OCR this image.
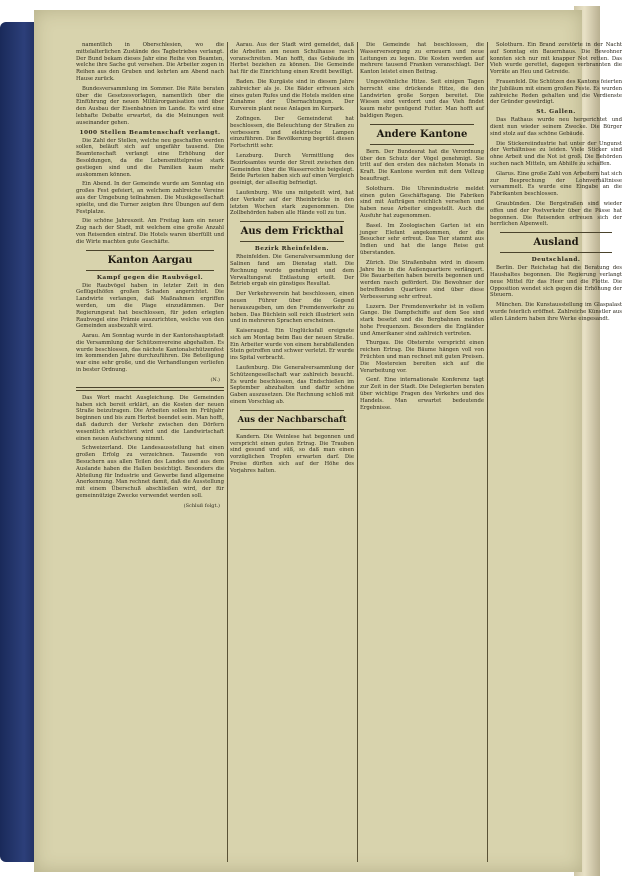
namentlich in Oberschlesien, wo die mittelalterlichen Zustände des Tagbetriebes verlangt. Der Bund bekam dieses Jahr eine Reihe von Beamten, welche ihre Sache gut versehen. Die Arbeiter zogen in Reihen aus den Gruben und kehrten am Abend nach Hause zurück.

Bundesversammlung im Sommer. Die Räte beraten über die Gesetzesvorlagen, namentlich über die Einführung der neuen Militärorganisation und über den Ausbau der Eisenbahnen im Lande. Es wird eine lebhafte Debatte erwartet, da die Meinungen weit auseinander gehen.

1000 Stellen Beamtenschaft verlangt.

Die Zahl der Stellen, welche neu geschaffen werden sollen, beläuft sich auf ungefähr tausend. Die Beamtenschaft verlangt eine Erhöhung der Besoldungen, da die Lebensmittelpreise stark gestiegen sind und die Familien kaum mehr auskommen können.

Ein Abend. In der Gemeinde wurde am Sonntag ein großes Fest gefeiert, an welchem zahlreiche Vereine aus der Umgebung teilnahmen. Die Musikgesellschaft spielte, und die Turner zeigten ihre Übungen auf dem Festplatze.

Die schöne Jahreszeit. Am Freitag kam ein neuer Zug nach der Stadt, mit welchem eine große Anzahl von Reisenden eintraf. Die Hotels waren überfüllt und die Wirte machten gute Geschäfte.

Kanton Aargau
Kampf gegen die Raubvögel.

Die Raubvögel haben in letzter Zeit in den Geflügelhöfen großen Schaden angerichtet. Die Landwirte verlangen, daß Maßnahmen ergriffen werden, um die Plage einzudämmen. Der Regierungsrat hat beschlossen, für jeden erlegten Raubvogel eine Prämie auszurichten, welche von den Gemeinden ausbezahlt wird.

Aarau. Am Sonntag wurde in der Kantonshauptstadt die Versammlung der Schützenvereine abgehalten. Es wurde beschlossen, das nächste Kantonalschützenfest im kommenden Jahre durchzuführen. Die Beteiligung war eine sehr große, und die Verhandlungen verliefen in bester Ordnung.

(N.)

Das Wort macht Ausgleichung. Die Gemeinden haben sich bereit erklärt, an die Kosten der neuen Straße beizutragen. Die Arbeiten sollen im Frühjahr beginnen und bis zum Herbst beendet sein. Man hofft, daß dadurch der Verkehr zwischen den Dörfern wesentlich erleichtert wird und die Landwirtschaft einen neuen Aufschwung nimmt.

Schweizerland. Die Landesausstellung hat einen großen Erfolg zu verzeichnen. Tausende von Besuchern aus allen Teilen des Landes und aus dem Auslande haben die Hallen besichtigt. Besonders die Abteilung für Industrie und Gewerbe fand allgemeine Anerkennung. Man rechnet damit, daß die Ausstellung mit einem Überschuß abschließen wird, der für gemeinnützige Zwecke verwendet werden soll.

(Schluß folgt.)

Aarau. Aus der Stadt wird gemeldet, daß die Arbeiten am neuen Schulhause rasch voranschreiten. Man hofft, das Gebäude im Herbst beziehen zu können. Die Gemeinde hat für die Einrichtung einen Kredit bewilligt.

Baden. Die Kurgäste sind in diesem Jahre zahlreicher als je. Die Bäder erfreuen sich eines guten Rufes und die Hotels melden eine Zunahme der Übernachtungen. Der Kurverein plant neue Anlagen im Kurpark.

Zofingen. Der Gemeinderat hat beschlossen, die Beleuchtung der Straßen zu verbessern und elektrische Lampen einzuführen. Die Bevölkerung begrüßt diesen Fortschritt sehr.

Lenzburg. Durch Vermittlung des Bezirksamtes wurde der Streit zwischen den Gemeinden über die Wasserrechte beigelegt. Beide Parteien haben sich auf einen Vergleich geeinigt, der allseitig befriedigt.

Laufenburg. Wie uns mitgeteilt wird, hat der Verkehr auf der Rheinbrücke in den letzten Wochen stark zugenommen. Die Zollbehörden haben alle Hände voll zu tun.

Aus dem Frickthal
Bezirk Rheinfelden.

Rheinfelden. Die Generalversammlung der Salinen fand am Dienstag statt. Die Rechnung wurde genehmigt und dem Verwaltungsrat Entlastung erteilt. Der Betrieb ergab ein günstiges Resultat.

Der Verkehrsverein hat beschlossen, einen neuen Führer über die Gegend herauszugeben, um den Fremdenverkehr zu heben. Das Büchlein soll reich illustriert sein und in mehreren Sprachen erscheinen.

Kaiseraugst. Ein Unglücksfall ereignete sich am Montag beim Bau der neuen Straße. Ein Arbeiter wurde von einem herabfallenden Stein getroffen und schwer verletzt. Er wurde ins Spital verbracht.

Laufenburg. Die Generalversammlung der Schützengesellschaft war zahlreich besucht. Es wurde beschlossen, das Endschießen im September abzuhalten und dafür schöne Gaben auszusetzen. Die Rechnung schloß mit einem Vorschlag ab.

Aus der Nachbarschaft

Kandern. Die Weinlese hat begonnen und verspricht einen guten Ertrag. Die Trauben sind gesund und süß, so daß man einen vorzüglichen Tropfen erwarten darf. Die Preise dürften sich auf der Höhe des Vorjahres halten.

Die Gemeinde hat beschlossen, die Wasserversorgung zu erneuern und neue Leitungen zu legen. Die Kosten werden auf mehrere tausend Franken veranschlagt. Der Kanton leistet einen Beitrag.

Ungewöhnliche Hitze. Seit einigen Tagen herrscht eine drückende Hitze, die den Landwirten große Sorgen bereitet. Die Wiesen sind verdorrt und das Vieh findet kaum mehr genügend Futter. Man hofft auf baldigen Regen.

Andere Kantone

Bern. Der Bundesrat hat die Verordnung über den Schutz der Vögel genehmigt. Sie tritt auf den ersten des nächsten Monats in Kraft. Die Kantone werden mit dem Vollzug beauftragt.

Solothurn. Die Uhrenindustrie meldet einen guten Geschäftsgang. Die Fabriken sind mit Aufträgen reichlich versehen und haben neue Arbeiter eingestellt. Auch die Ausfuhr hat zugenommen.

Basel. Im Zoologischen Garten ist ein junger Elefant angekommen, der die Besucher sehr erfreut. Das Tier stammt aus Indien und hat die lange Reise gut überstanden.

Zürich. Die Straßenbahn wird in diesem Jahre bis in die Außenquartiere verlängert. Die Bauarbeiten haben bereits begonnen und werden rasch gefördert. Die Bewohner der betreffenden Quartiere sind über diese Verbesserung sehr erfreut.

Luzern. Der Fremdenverkehr ist in vollem Gange. Die Dampfschiffe auf dem See sind stark besetzt und die Bergbahnen melden hohe Frequenzen. Besonders die Engländer und Amerikaner sind zahlreich vertreten.

Thurgau. Die Obsternte verspricht einen reichen Ertrag. Die Bäume hängen voll von Früchten und man rechnet mit guten Preisen. Die Mostereien bereiten sich auf die Verarbeitung vor.

Genf. Eine internationale Konferenz tagt zur Zeit in der Stadt. Die Delegierten beraten über wichtige Fragen des Verkehrs und des Handels. Man erwartet bedeutende Ergebnisse.

Solothurn. Ein Brand zerstörte in der Nacht auf Sonntag ein Bauernhaus. Die Bewohner konnten sich nur mit knapper Not retten. Das Vieh wurde gerettet, dagegen verbrannten die Vorräte an Heu und Getreide.

Frauenfeld. Die Schützen des Kantons feierten ihr Jubiläum mit einem großen Feste. Es wurden zahlreiche Reden gehalten und die Verdienste der Gründer gewürdigt.

St. Gallen.

Das Rathaus wurde neu hergerichtet und dient nun wieder seinem Zwecke. Die Bürger sind stolz auf das schöne Gebäude.

Die Stickereiindustrie hat unter der Ungunst der Verhältnisse zu leiden. Viele Sticker sind ohne Arbeit und die Not ist groß. Die Behörden suchen nach Mitteln, um Abhilfe zu schaffen.

Glarus. Eine große Zahl von Arbeitern hat sich zur Besprechung der Lohnverhältnisse versammelt. Es wurde eine Eingabe an die Fabrikanten beschlossen.

Graubünden. Die Bergstraßen sind wieder offen und der Postverkehr über die Pässe hat begonnen. Die Reisenden erfreuen sich der herrlichen Alpenwelt.

Ausland
Deutschland.

Berlin. Der Reichstag hat die Beratung des Haushaltes begonnen. Die Regierung verlangt neue Mittel für das Heer und die Flotte. Die Opposition wendet sich gegen die Erhöhung der Steuern.

München. Die Kunstausstellung im Glaspalast wurde feierlich eröffnet. Zahlreiche Künstler aus allen Ländern haben ihre Werke eingesandt.
